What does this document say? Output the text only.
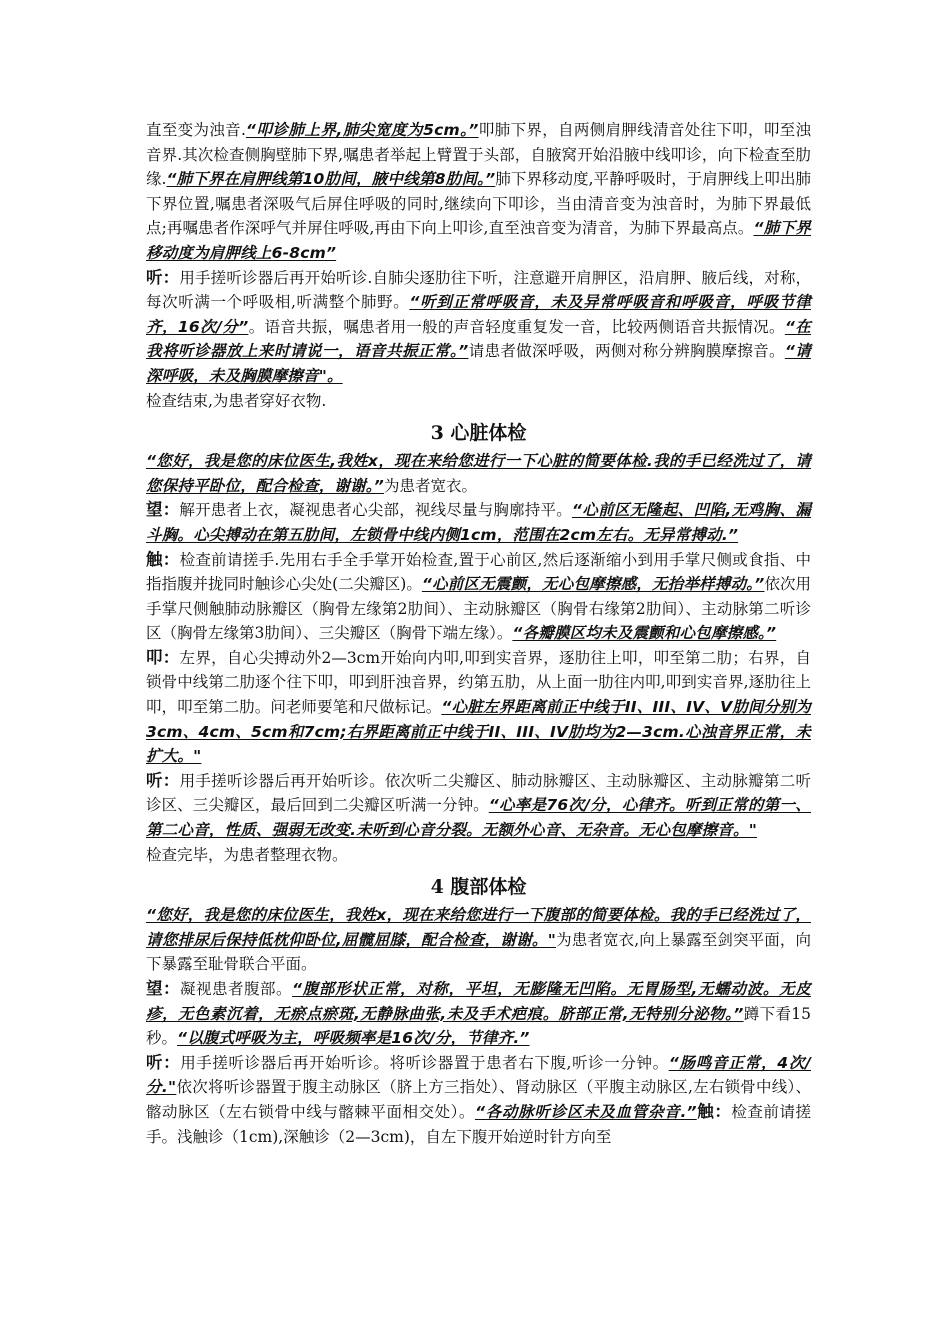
直至变为浊音.“叩诊肺上界,肺尖宽度为5cm。”叩肺下界，自两侧肩胛线清音处往下叩，叩至浊音界.其次检查侧胸壁肺下界,嘱患者举起上臂置于头部，自腋窝开始沿腋中线叩诊，向下检查至肋缘.“肺下界在肩胛线第10肋间，腋中线第8肋间。”肺下界移动度,平静呼吸时，于肩胛线上叩出肺下界位置,嘱患者深吸气后屏住呼吸的同时,继续向下叩诊，当由清音变为浊音时，为肺下界最低点;再嘱患者作深呼气并屏住呼吸,再由下向上叩诊,直至浊音变为清音，为肺下界最高点。“肺下界移动度为肩胛线上6-8cm”

听：用手搓听诊器后再开始听诊.自肺尖逐肋往下听，注意避开肩胛区，沿肩胛、腋后线，对称，每次听满一个呼吸相,听满整个肺野。“听到正常呼吸音，未及异常呼吸音和呼吸音，呼吸节律齐，16次/分”。语音共振，嘱患者用一般的声音轻度重复发一音，比较两侧语音共振情况。“在我将听诊器放上来时请说一，语音共振正常。”请患者做深呼吸，两侧对称分辨胸膜摩擦音。“请深呼吸，未及胸膜摩擦音"。

检查结束,为患者穿好衣物.

3 心脏体检

“您好，我是您的床位医生,我姓x，现在来给您进行一下心脏的简要体检.我的手已经洗过了，请您保持平卧位，配合检查，谢谢。”为患者宽衣。

望：解开患者上衣，凝视患者心尖部，视线尽量与胸廓持平。“心前区无隆起、凹陷,无鸡胸、漏斗胸。心尖搏动在第五肋间，左锁骨中线内侧1cm，范围在2cm左右。无异常搏动.”

触：检查前请搓手.先用右手全手掌开始检查,置于心前区,然后逐渐缩小到用手掌尺侧或食指、中指指腹并拢同时触诊心尖处(二尖瓣区)。“心前区无震颤，无心包摩擦感，无抬举样搏动。”依次用手掌尺侧触肺动脉瓣区（胸骨左缘第2肋间）、主动脉瓣区（胸骨右缘第2肋间）、主动脉第二听诊区（胸骨左缘第3肋间）、三尖瓣区（胸骨下端左缘）。“各瓣膜区均未及震颤和心包摩擦感。”

叩：左界，自心尖搏动外2—3cm开始向内叩,叩到实音界，逐肋往上叩，叩至第二肋；右界，自锁骨中线第二肋逐个往下叩，叩到肝浊音界，约第五肋，从上面一肋往内叩,叩到实音界,逐肋往上叩，叩至第二肋。问老师要笔和尺做标记。“心脏左界距离前正中线于II、III、IV、V肋间分别为3cm、4cm、5cm和7cm;右界距离前正中线于II、III、IV肋均为2—3cm.心浊音界正常，未扩大。"

听：用手搓听诊器后再开始听诊。依次听二尖瓣区、肺动脉瓣区、主动脉瓣区、主动脉瓣第二听诊区、三尖瓣区，最后回到二尖瓣区听满一分钟。“心率是76次/分，心律齐。听到正常的第一、第二心音，性质、强弱无改变.未听到心音分裂。无额外心音、无杂音。无心包摩擦音。"

检查完毕，为患者整理衣物。

4 腹部体检

“您好，我是您的床位医生，我姓x，现在来给您进行一下腹部的简要体检。我的手已经洗过了，请您排尿后保持低枕仰卧位,屈髋屈膝，配合检查，谢谢。"为患者宽衣,向上暴露至剑突平面，向下暴露至耻骨联合平面。

望：凝视患者腹部。“腹部形状正常，对称，平坦，无膨隆无凹陷。无胃肠型,无蠕动波。无皮疹，无色素沉着，无瘀点瘀斑,无静脉曲张,未及手术疤痕。脐部正常,无特别分泌物。”蹲下看15秒。“以腹式呼吸为主，呼吸频率是16次/分，节律齐.”

听：用手搓听诊器后再开始听诊。将听诊器置于患者右下腹,听诊一分钟。“肠鸣音正常，4次/分."依次将听诊器置于腹主动脉区（脐上方三指处）、肾动脉区（平腹主动脉区,左右锁骨中线）、髂动脉区（左右锁骨中线与髂棘平面相交处）。“各动脉听诊区未及血管杂音.”触：检查前请搓手。浅触诊（1cm),深触诊（2—3cm)，自左下腹开始逆时针方向至
